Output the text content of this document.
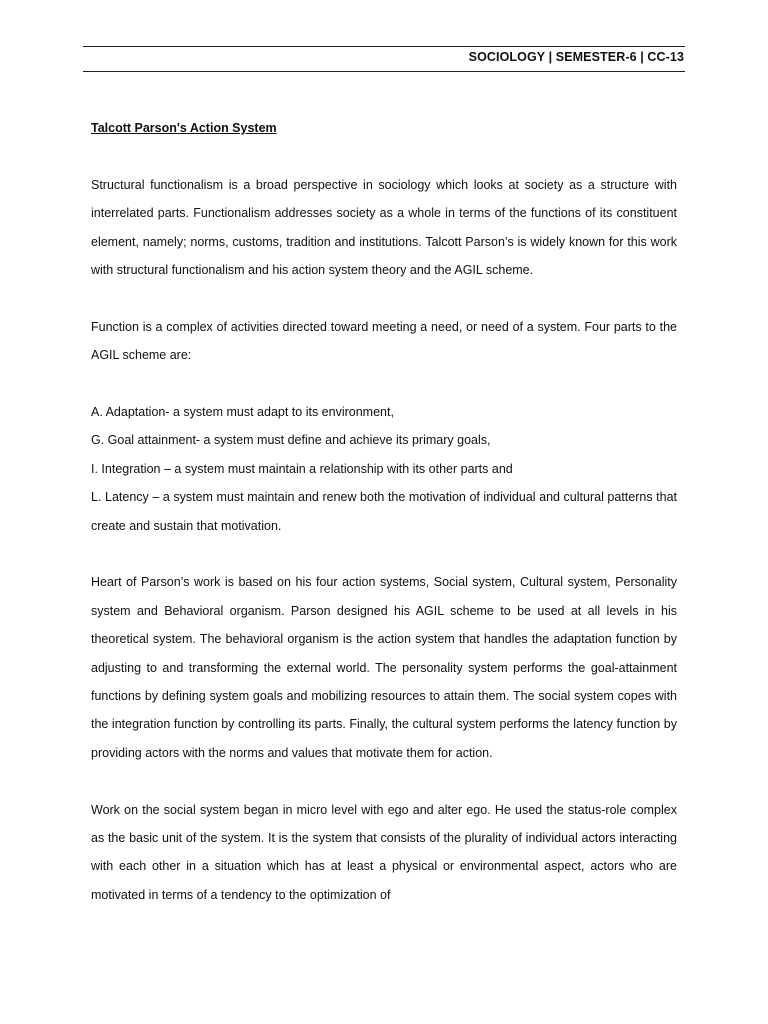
SOCIOLOGY | SEMESTER-6 | CC-13
Talcott Parson's Action System

Structural functionalism is a broad perspective in sociology which looks at society as a structure with interrelated parts. Functionalism addresses society as a whole in terms of the functions of its constituent element, namely; norms, customs, tradition and institutions. Talcott Parson’s is widely known for this work with structural functionalism and his action system theory and the AGIL scheme.

Function is a complex of activities directed toward meeting a need, or need of a system. Four parts to the AGIL scheme are:

A. Adaptation- a system must adapt to its environment,
G. Goal attainment- a system must define and achieve its primary goals,
I. Integration – a system must maintain a relationship with its other parts and
L. Latency – a system must maintain and renew both the motivation of individual and cultural patterns that create and sustain that motivation.

Heart of Parson’s work is based on his four action systems, Social system, Cultural system, Personality system and Behavioral organism. Parson designed his AGIL scheme to be used at all levels in his theoretical system. The behavioral organism is the action system that handles the adaptation function by adjusting to and transforming the external world. The personality system performs the goal-attainment functions by defining system goals and mobilizing resources to attain them. The social system copes with the integration function by controlling its parts. Finally, the cultural system performs the latency function by providing actors with the norms and values that motivate them for action.

Work on the social system began in micro level with ego and alter ego. He used the status-role complex as the basic unit of the system. It is the system that consists of the plurality of individual actors interacting with each other in a situation which has at least a physical or environmental aspect, actors who are motivated in terms of a tendency to the optimization of
